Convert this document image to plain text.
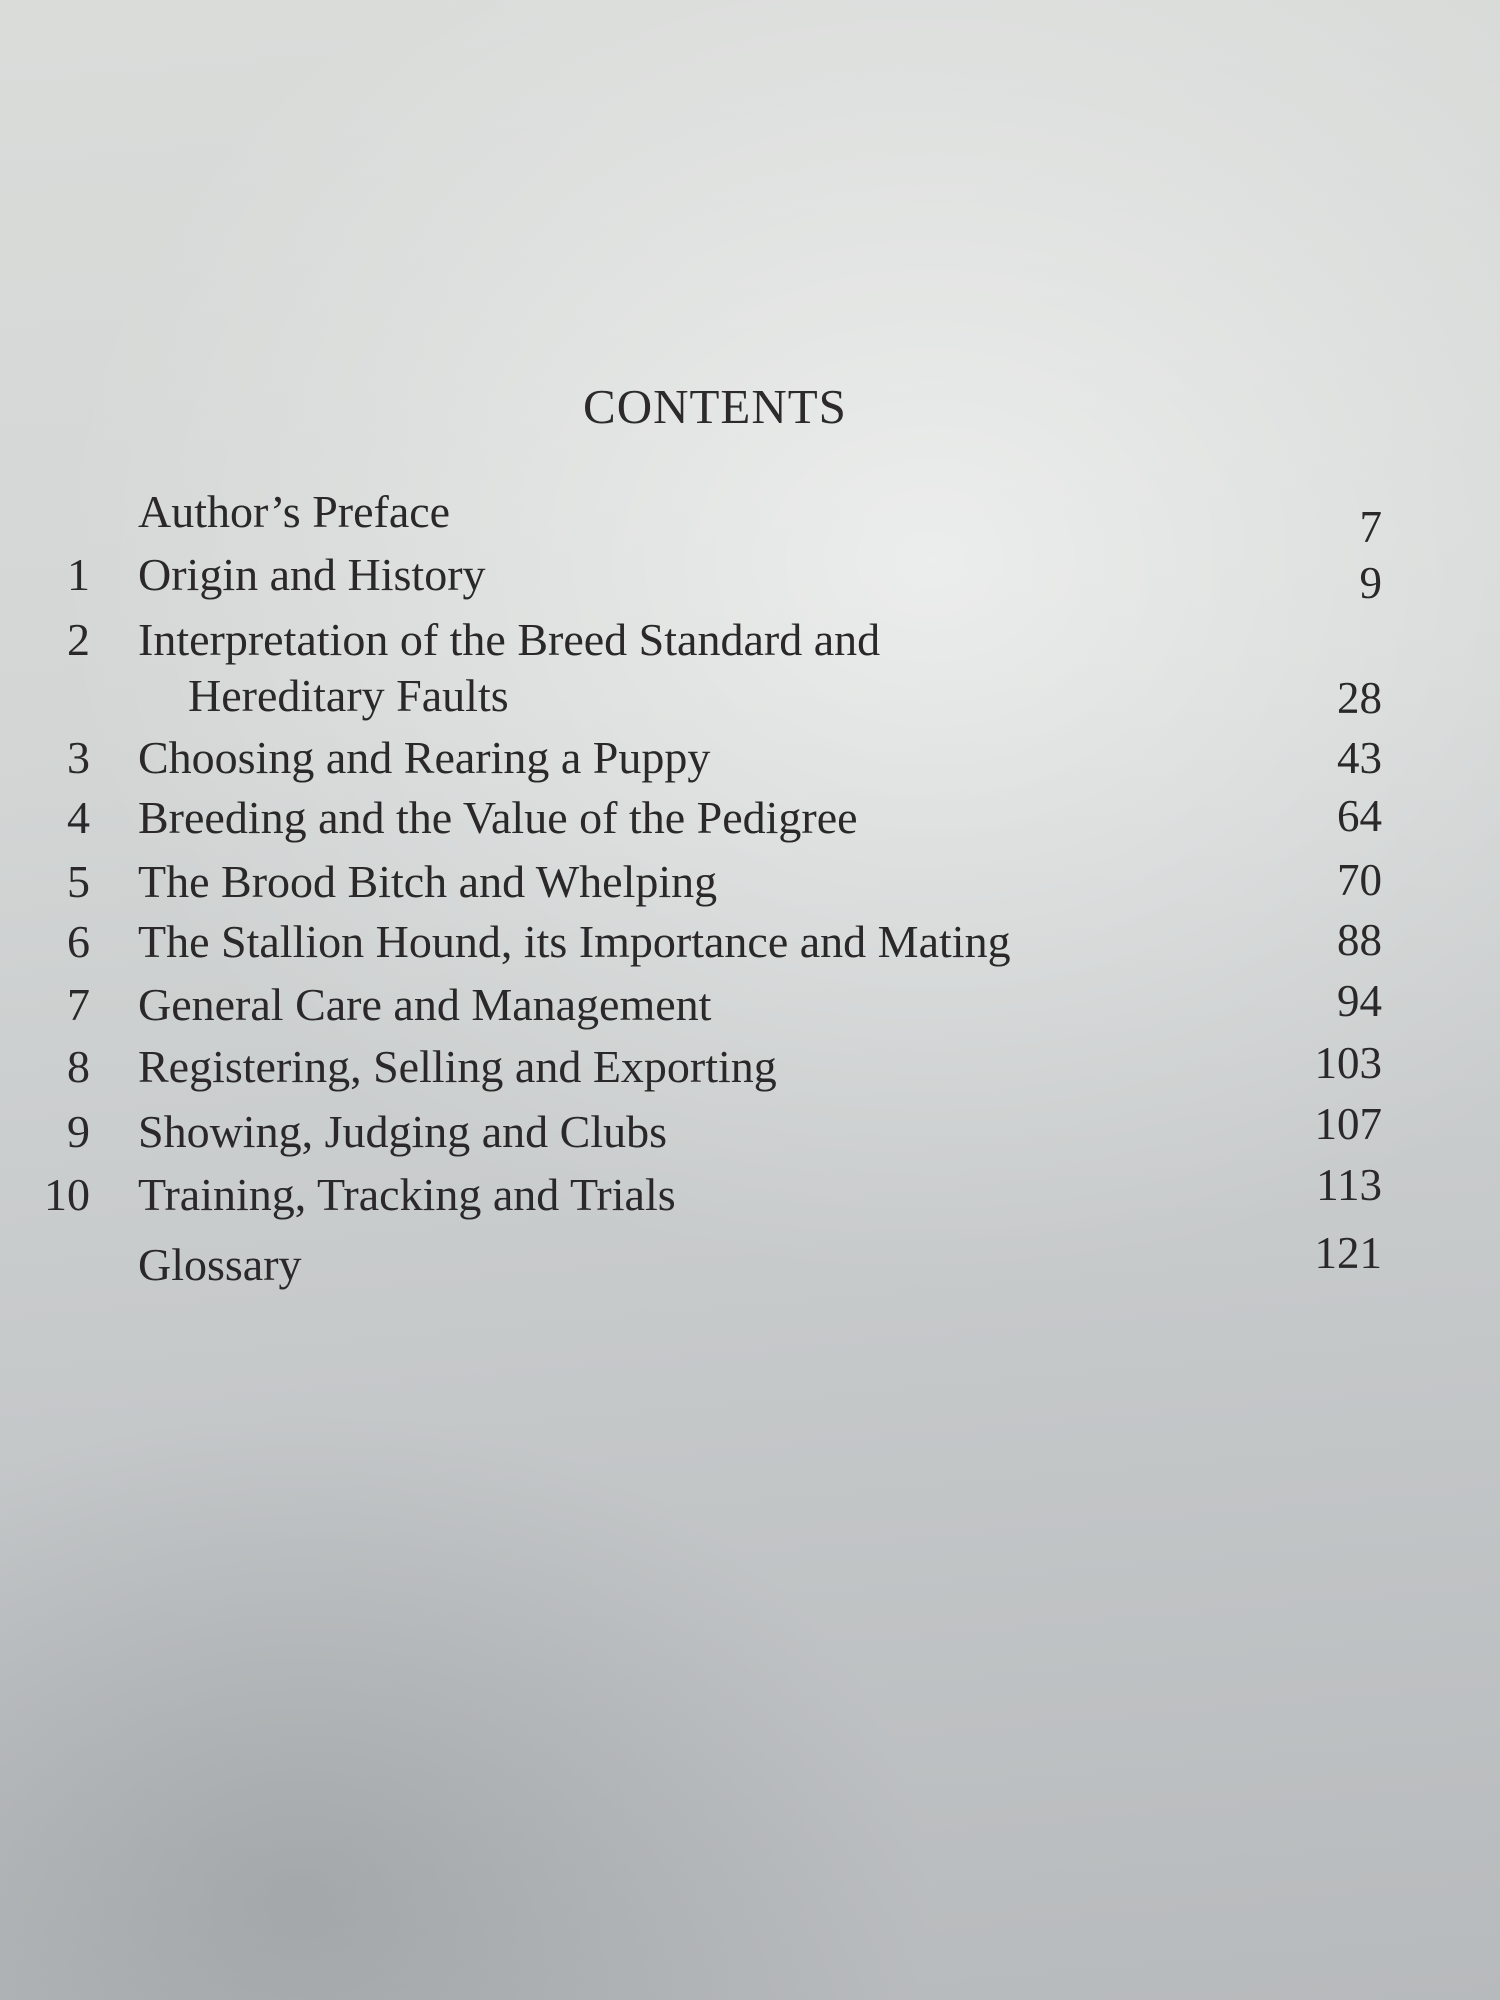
CONTENTS
Author’s Preface	7
1 Origin and History	9
2 Interpretation of the Breed Standard and
Hereditary Faults	28
3 Choosing and Rearing a Puppy	43
4 Breeding and the Value of the Pedigree	64
5 The Brood Bitch and Whelping	70
6 The Stallion Hound, its Importance and Mating	88
7 General Care and Management	94
8 Registering, Selling and Exporting	103
9 Showing, Judging and Clubs	107
10 Training, Tracking and Trials	113
Glossary	121
